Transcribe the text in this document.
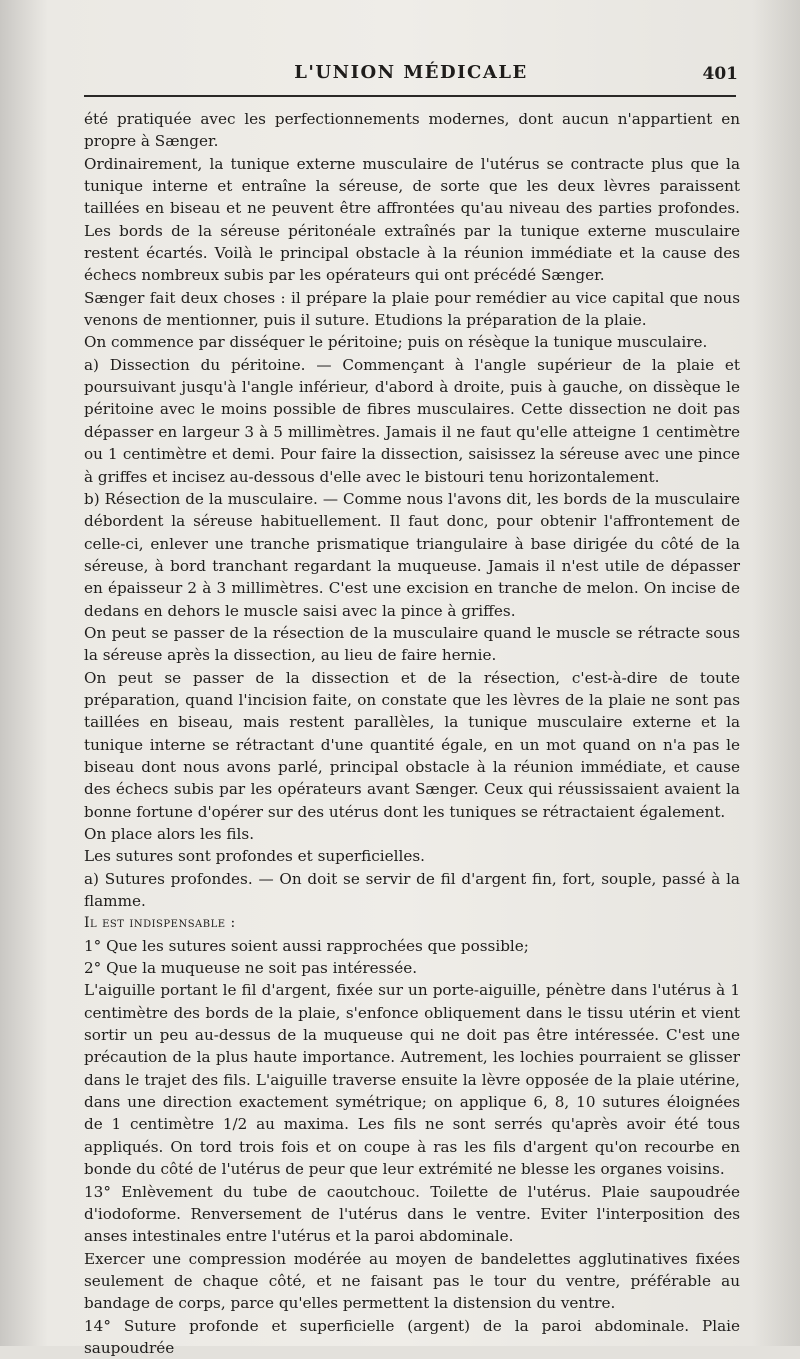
L'UNION MÉDICALE	401

été pratiquée avec les perfectionnements modernes, dont aucun n'appartient en propre à Sænger.

Ordinairement, la tunique externe musculaire de l'utérus se contracte plus que la tunique interne et entraîne la séreuse, de sorte que les deux lèvres paraissent taillées en biseau et ne peuvent être affrontées qu'au niveau des parties profondes. Les bords de la séreuse péritonéale extraînés par la tunique externe musculaire restent écartés. Voilà le principal obstacle à la réunion immédiate et la cause des échecs nombreux subis par les opérateurs qui ont précédé Sænger.

Sænger fait deux choses : il prépare la plaie pour remédier au vice capital que nous venons de mentionner, puis il suture. Etudions la préparation de la plaie.

On commence par disséquer le péritoine; puis on résèque la tunique musculaire.

a) Dissection du péritoine. — Commençant à l'angle supérieur de la plaie et poursuivant jusqu'à l'angle inférieur, d'abord à droite, puis à gauche, on dissèque le péritoine avec le moins possible de fibres musculaires. Cette dissection ne doit pas dépasser en largeur 3 à 5 millimètres. Jamais il ne faut qu'elle atteigne 1 centimètre ou 1 centimètre et demi. Pour faire la dissection, saisissez la séreuse avec une pince à griffes et incisez au-dessous d'elle avec le bistouri tenu horizontalement.

b) Résection de la musculaire. — Comme nous l'avons dit, les bords de la musculaire débordent la séreuse habituellement. Il faut donc, pour obtenir l'affrontement de celle-ci, enlever une tranche prismatique triangulaire à base dirigée du côté de la séreuse, à bord tranchant regardant la muqueuse. Jamais il n'est utile de dépasser en épaisseur 2 à 3 millimètres. C'est une excision en tranche de melon. On incise de dedans en dehors le muscle saisi avec la pince à griffes.

On peut se passer de la résection de la musculaire quand le muscle se rétracte sous la séreuse après la dissection, au lieu de faire hernie.

On peut se passer de la dissection et de la résection, c'est-à-dire de toute préparation, quand l'incision faite, on constate que les lèvres de la plaie ne sont pas taillées en biseau, mais restent parallèles, la tunique musculaire externe et la tunique interne se rétractant d'une quantité égale, en un mot quand on n'a pas le biseau dont nous avons parlé, principal obstacle à la réunion immédiate, et cause des échecs subis par les opérateurs avant Sænger. Ceux qui réussissaient avaient la bonne fortune d'opérer sur des utérus dont les tuniques se rétractaient également.

On place alors les fils.

Les sutures sont profondes et superficielles.

a) Sutures profondes. — On doit se servir de fil d'argent fin, fort, souple, passé à la flamme.

Il est indispensable :

1° Que les sutures soient aussi rapprochées que possible;

2° Que la muqueuse ne soit pas intéressée.

L'aiguille portant le fil d'argent, fixée sur un porte-aiguille, pénètre dans l'utérus à 1 centimètre des bords de la plaie, s'enfonce obliquement dans le tissu utérin et vient sortir un peu au-dessus de la muqueuse qui ne doit pas être intéressée. C'est une précaution de la plus haute importance. Autrement, les lochies pourraient se glisser dans le trajet des fils. L'aiguille traverse ensuite la lèvre opposée de la plaie utérine, dans une direction exactement symétrique; on applique 6, 8, 10 sutures éloignées de 1 centimètre 1/2 au maxima. Les fils ne sont serrés qu'après avoir été tous appliqués. On tord trois fois et on coupe à ras les fils d'argent qu'on recourbe en bonde du côté de l'utérus de peur que leur extrémité ne blesse les organes voisins.

13° Enlèvement du tube de caoutchouc. Toilette de l'utérus. Plaie saupoudrée d'iodoforme. Renversement de l'utérus dans le ventre. Eviter l'interposition des anses intestinales entre l'utérus et la paroi abdominale.

Exercer une compression modérée au moyen de bandelettes agglutinatives fixées seulement de chaque côté, et ne faisant pas le tour du ventre, préférable au bandage de corps, parce qu'elles permettent la distension du ventre.

14° Suture profonde et superficielle (argent) de la paroi abdominale. Plaie saupoudrée
